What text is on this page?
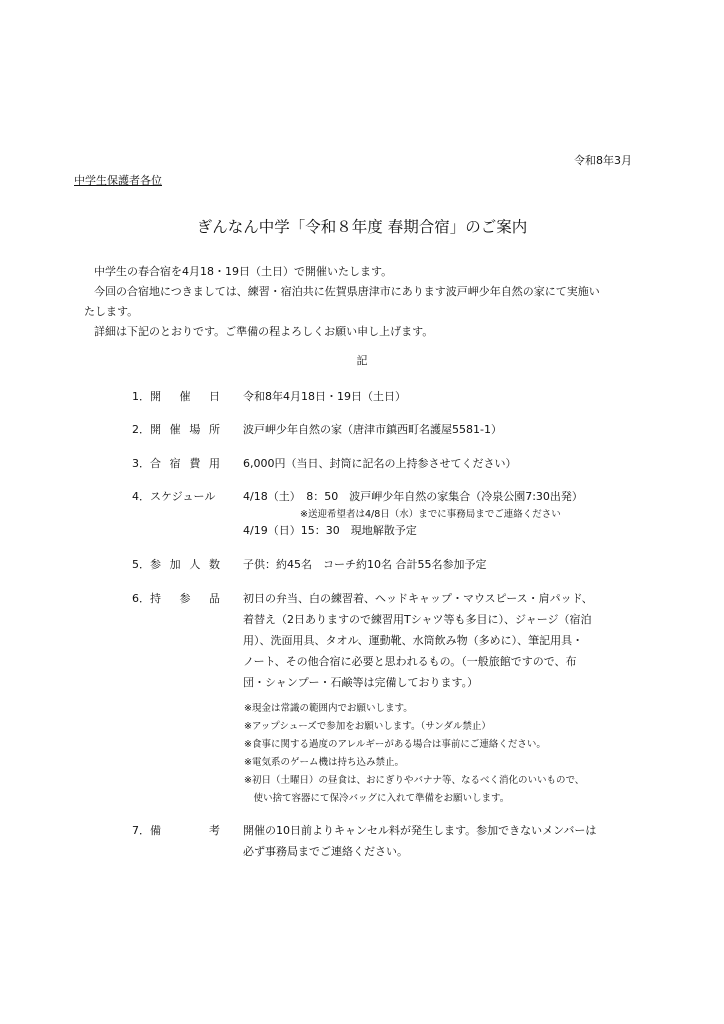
令和8年3月
中学生保護者各位
ぎんなん中学「令和８年度 春期合宿」のご案内
中学生の春合宿を4月18・19日（土日）で開催いたします。
今回の合宿地につきましては、練習・宿泊共に佐賀県唐津市にあります波戸岬少年自然の家にて実施い
たします。
詳細は下記のとおりです。ご準備の程よろしくお願い申し上げます。
記
1．開 催 日 令和8年4月18日・19日（土日）
2．開 催 場 所 波戸岬少年自然の家（唐津市鎮西町名護屋5581-1）
3．合 宿 費 用 6,000円（当日、封筒に記名の上持参させてください）
4．スケジュール	4/18（土）　8：50　波戸岬少年自然の家集合（冷泉公園7:30出発）
※送迎希望者は4/8日（水）までに事務局までご連絡ください
4/19（日）15：30　現地解散予定
5．参 加 人 数 子供：約45名　コーチ約10名 合計55名参加予定
6．持 参 品 初日の弁当、白の練習着、ヘッドキャップ・マウスピース・肩パッド、
着替え（2日ありますので練習用Tシャツ等も多目に）、ジャージ（宿泊
用）、洗面用具、タオル、運動靴、水筒飲み物（多めに）、筆記用具・
ノート、その他合宿に必要と思われるもの。（一般旅館ですので、布
団・シャンプー・石鹸等は完備しております。）
※現金は常識の範囲内でお願いします。
※アップシューズで参加をお願いします。（サンダル禁止）
※食事に関する過度のアレルギーがある場合は事前にご連絡ください。
※電気系のゲーム機は持ち込み禁止。
※初日（土曜日）の昼食は、おにぎりやバナナ等、なるべく消化のいいもので、
　使い捨て容器にて保冷バッグに入れて準備をお願いします。
7．備	考 開催の10日前よりキャンセル料が発生します。参加できないメンバーは
必ず事務局までご連絡ください。
